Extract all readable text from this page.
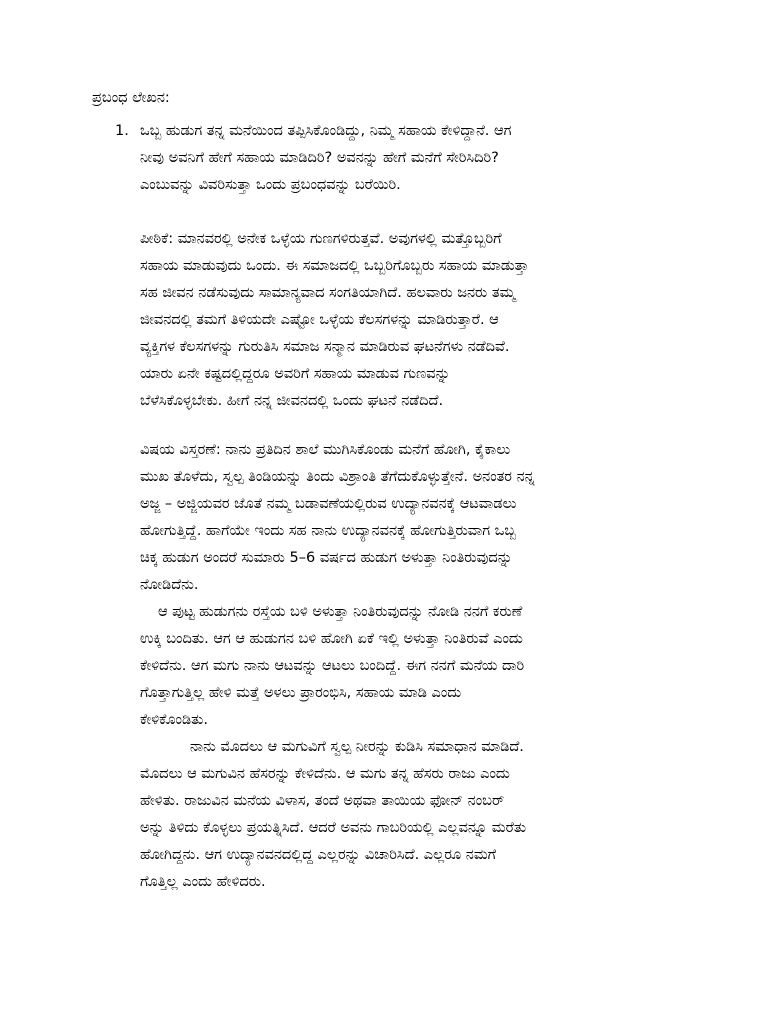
ಪ್ರಬಂಧ ಲೇಖನ:
1. ಒಬ್ಬ ಹುಡುಗ ತನ್ನ ಮನೆಯಿಂದ ತಪ್ಪಿಸಿಕೊಂಡಿದ್ದು, ನಿಮ್ಮ ಸಹಾಯ ಕೇಳಿದ್ದಾನೆ. ಆಗ
ನೀವು ಅವನಿಗೆ ಹೇಗೆ ಸಹಾಯ ಮಾಡಿದಿರಿ? ಅವನನ್ನು ಹೇಗೆ ಮನೆಗೆ ಸೇರಿಸಿದಿರಿ?
ಎಂಬುವನ್ನು ವಿವರಿಸುತ್ತಾ ಒಂದು ಪ್ರಬಂಧವನ್ನು ಬರೆಯಿರಿ.
ಪೀಠಿಕೆ: ಮಾನವರಲ್ಲಿ ಅನೇಕ ಒಳ್ಳೆಯ ಗುಣಗಳಿರುತ್ತವೆ. ಅವುಗಳಲ್ಲಿ ಮತ್ತೊಬ್ಬರಿಗೆ
ಸಹಾಯ ಮಾಡುವುದು ಒಂದು. ಈ ಸಮಾಜದಲ್ಲಿ ಒಬ್ಬರಿಗೊಬ್ಬರು ಸಹಾಯ ಮಾಡುತ್ತಾ
ಸಹ ಜೀವನ ನಡೆಸುವುದು ಸಾಮಾನ್ಯವಾದ ಸಂಗತಿಯಾಗಿದೆ. ಹಲವಾರು ಜನರು ತಮ್ಮ
ಜೀವನದಲ್ಲಿ ತಮಗೆ ತಿಳಿಯದೇ ಎಷ್ಟೋ ಒಳ್ಳೆಯ ಕೆಲಸಗಳನ್ನು ಮಾಡಿರುತ್ತಾರೆ. ಆ
ವ್ಯಕ್ತಿಗಳ ಕೆಲಸಗಳನ್ನು ಗುರುತಿಸಿ ಸಮಾಜ ಸನ್ಮಾನ ಮಾಡಿರುವ ಘಟನೆಗಳು ನಡೆದಿವೆ.
ಯಾರು ಏನೇ ಕಷ್ಟದಲ್ಲಿದ್ದರೂ ಅವರಿಗೆ ಸಹಾಯ ಮಾಡುವ ಗುಣವನ್ನು
ಬೆಳೆಸಿಕೊಳ್ಳಬೇಕು. ಹೀಗೆ ನನ್ನ ಜೀವನದಲ್ಲಿ ಒಂದು ಘಟನೆ ನಡೆದಿದೆ.
ವಿಷಯ ವಿಸ್ತರಣೆ: ನಾನು ಪ್ರತಿದಿನ ಶಾಲೆ ಮುಗಿಸಿಕೊಂಡು ಮನೆಗೆ ಹೋಗಿ, ಕೈಕಾಲು
ಮುಖ ತೊಳೆದು, ಸ್ವಲ್ಪ ತಿಂಡಿಯನ್ನು ತಿಂದು ವಿಶ್ರಾಂತಿ ತೆಗೆದುಕೊಳ್ಳುತ್ತೇನೆ. ಅನಂತರ ನನ್ನ
ಅಜ್ಜ – ಅಜ್ಜಿಯವರ ಜೊತೆ ನಮ್ಮ ಬಡಾವಣೆಯಲ್ಲಿರುವ ಉದ್ಯಾನವನಕ್ಕೆ ಆಟವಾಡಲು
ಹೋಗುತ್ತಿದ್ದೆ. ಹಾಗೆಯೇ ಇಂದು ಸಹ ನಾನು ಉದ್ಯಾನವನಕ್ಕೆ ಹೋಗುತ್ತಿರುವಾಗ ಒಬ್ಬ
ಚಿಕ್ಕ ಹುಡುಗ ಅಂದರೆ ಸುಮಾರು 5–6 ವರ್ಷದ ಹುಡುಗ ಅಳುತ್ತಾ ನಿಂತಿರುವುದನ್ನು
ನೋಡಿದೆನು.
ಆ ಪುಟ್ಟ ಹುಡುಗನು ರಸ್ತೆಯ ಬಳಿ ಅಳುತ್ತಾ ನಿಂತಿರುವುದನ್ನು ನೋಡಿ ನನಗೆ ಕರುಣೆ
ಉಕ್ಕಿ ಬಂದಿತು. ಆಗ ಆ ಹುಡುಗನ ಬಳಿ ಹೋಗಿ ಏಕೆ ಇಲ್ಲಿ ಅಳುತ್ತಾ ನಿಂತಿರುವೆ ಎಂದು
ಕೇಳಿದೆನು. ಆಗ ಮಗು ನಾನು ಆಟವನ್ನು ಆಟಲು ಬಂದಿದ್ದೆ. ಈಗ ನನಗೆ ಮನೆಯ ದಾರಿ
ಗೊತ್ತಾಗುತ್ತಿಲ್ಲ ಹೇಳಿ ಮತ್ತೆ ಅಳಲು ಪ್ರಾರಂಭಿಸಿ, ಸಹಾಯ ಮಾಡಿ ಎಂದು
ಕೇಳಿಕೊಂಡಿತು.
ನಾನು ಮೊದಲು ಆ ಮಗುವಿಗೆ ಸ್ವಲ್ಪ ನೀರನ್ನು ಕುಡಿಸಿ ಸಮಾಧಾನ ಮಾಡಿದೆ.
ಮೊದಲು ಆ ಮಗುವಿನ ಹೆಸರನ್ನು ಕೇಳಿದೆನು. ಆ ಮಗು ತನ್ನ ಹೆಸರು ರಾಜು ಎಂದು
ಹೇಳಿತು. ರಾಜುವಿನ ಮನೆಯ ವಿಳಾಸ, ತಂದೆ ಅಥವಾ ತಾಯಿಯ ಫೋನ್ ನಂಬರ್
ಅನ್ನು ತಿಳಿದು ಕೊಳ್ಳಲು ಪ್ರಯತ್ನಿಸಿದೆ. ಆದರೆ ಅವನು ಗಾಬರಿಯಲ್ಲಿ ಎಲ್ಲವನ್ನೂ ಮರೆತು
ಹೋಗಿದ್ದನು. ಆಗ ಉದ್ಯಾನವನದಲ್ಲಿದ್ದ ಎಲ್ಲರನ್ನು ವಿಚಾರಿಸಿದೆ. ಎಲ್ಲರೂ ನಮಗೆ
ಗೊತ್ತಿಲ್ಲ ಎಂದು ಹೇಳಿದರು.
